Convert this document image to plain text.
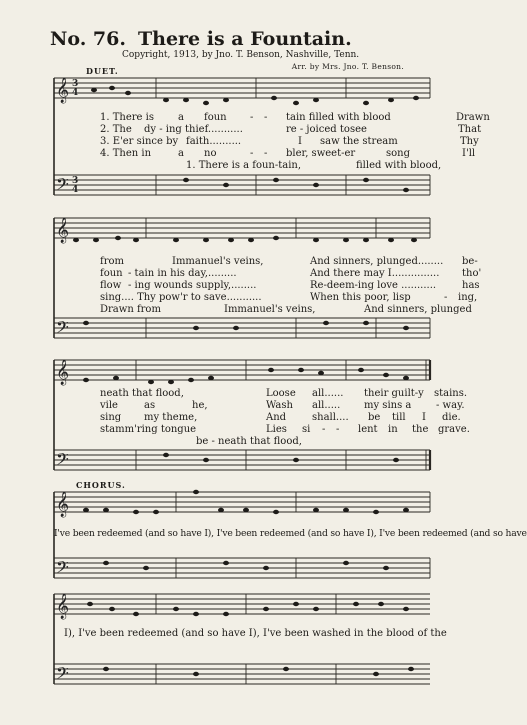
No. 76. There is a Fountain.
Copyright, 1913, by Jno. T. Benson, Nashville, Tenn.
Arr. by Mrs. Jno. T. Benson.
𝄞
𝄢
3
4
3
4
DUET.
1. There is a foun - - tain filled with blood	Drawn
2. The dy - ing thief...........	re - joiced to see	That
3. E'er since by faith..........	I saw the stream	Thy
4. Then in	a no	- - bler, sweet-er	song	I'll
1. There is a foun-tain,	filled with blood,
𝄞
𝄢
from	Immanuel's veins,	And sinners, plunged........ be-
foun - tain in his day,.........	And there may I............... tho'
flow - ing wounds supply,........	Re-deem-ing love ...........	has
sing.... Thy pow'r to save...........	When this poor, lisp	- ing,
Drawn from	Immanuel's veins,	And sinners, plunged
𝄞
𝄢
neath that flood,	Loose all...... their guilt-y stains.
vile	as	he,	Wash all..... my sins a - way.
sing my theme,	And	shall.... be till I die.
stamm'ring tongue	Lies si - - lent in the grave.
be - neath that flood,
𝄞
𝄢
CHORUS.
I've been redeemed (and so have I), I've been redeemed (and so have I), I've been redeemed (and so have
𝄞
𝄢
I), I've been redeemed (and so have I), I've been washed in the blood of the
